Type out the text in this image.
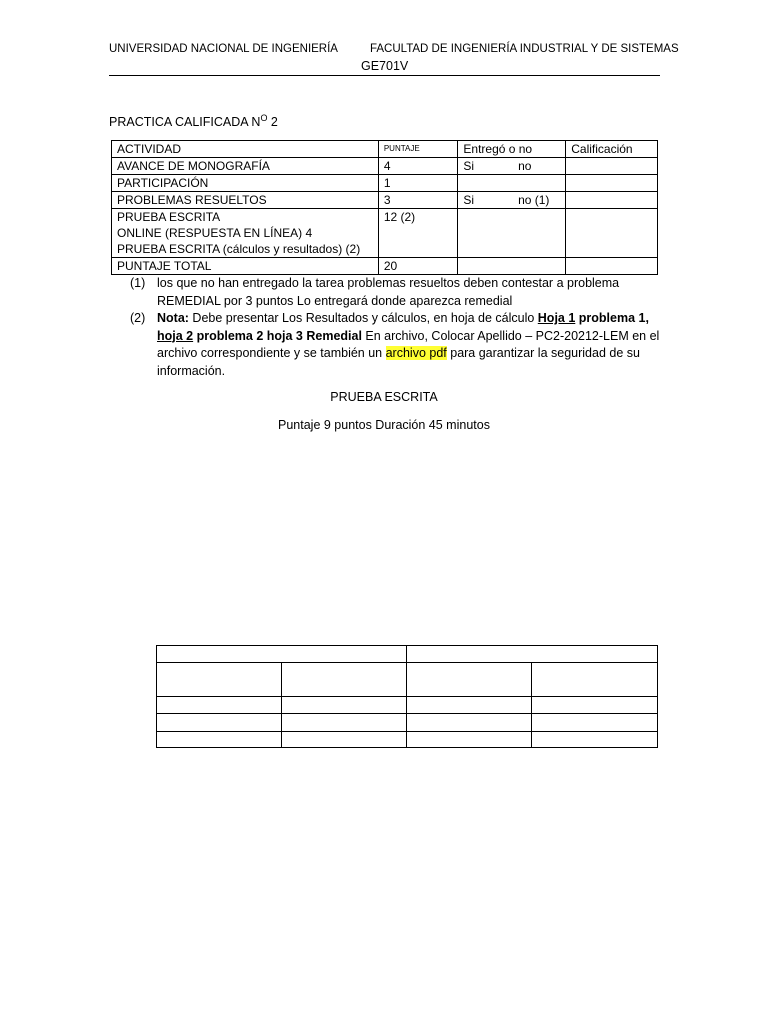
UNIVERSIDAD NACIONAL DE INGENIERÍA	FACULTAD DE INGENIERÍA INDUSTRIAL Y DE SISTEMAS
GE701V
PRACTICA CALIFICADA $N^O$ 2
ACTIVIDAD	PUNTAJE	Entregó o no	Calificación
AVANCE DE MONOGRAFÍA	4	Si no	
PARTICIPACIÓN	1		
PROBLEMAS RESUELTOS	3	Si no (1)	

PRUEBA ESCRITA
ONLINE (RESPUESTA EN LÍNEA) 4
PRUEBA ESCRITA (cálculos y resultados) (2)	12 (2)		
PUNTAJE TOTAL	20		
(1) los que no han entregado la tarea problemas resueltos deben contestar a problema REMEDIAL por 3 puntos Lo entregará donde aparezca remedial
(2) Nota: Debe presentar Los Resultados y cálculos, en hoja de cálculo Hoja 1 problema 1, hoja 2 problema 2 hoja 3 Remedial En archivo, Colocar Apellido – PC2-20212-LEM en el archivo correspondiente y se también un archivo pdf para garantizar la seguridad de su información.
PRUEBA ESCRITA
Puntaje 9 puntos Duración 45 minutos
